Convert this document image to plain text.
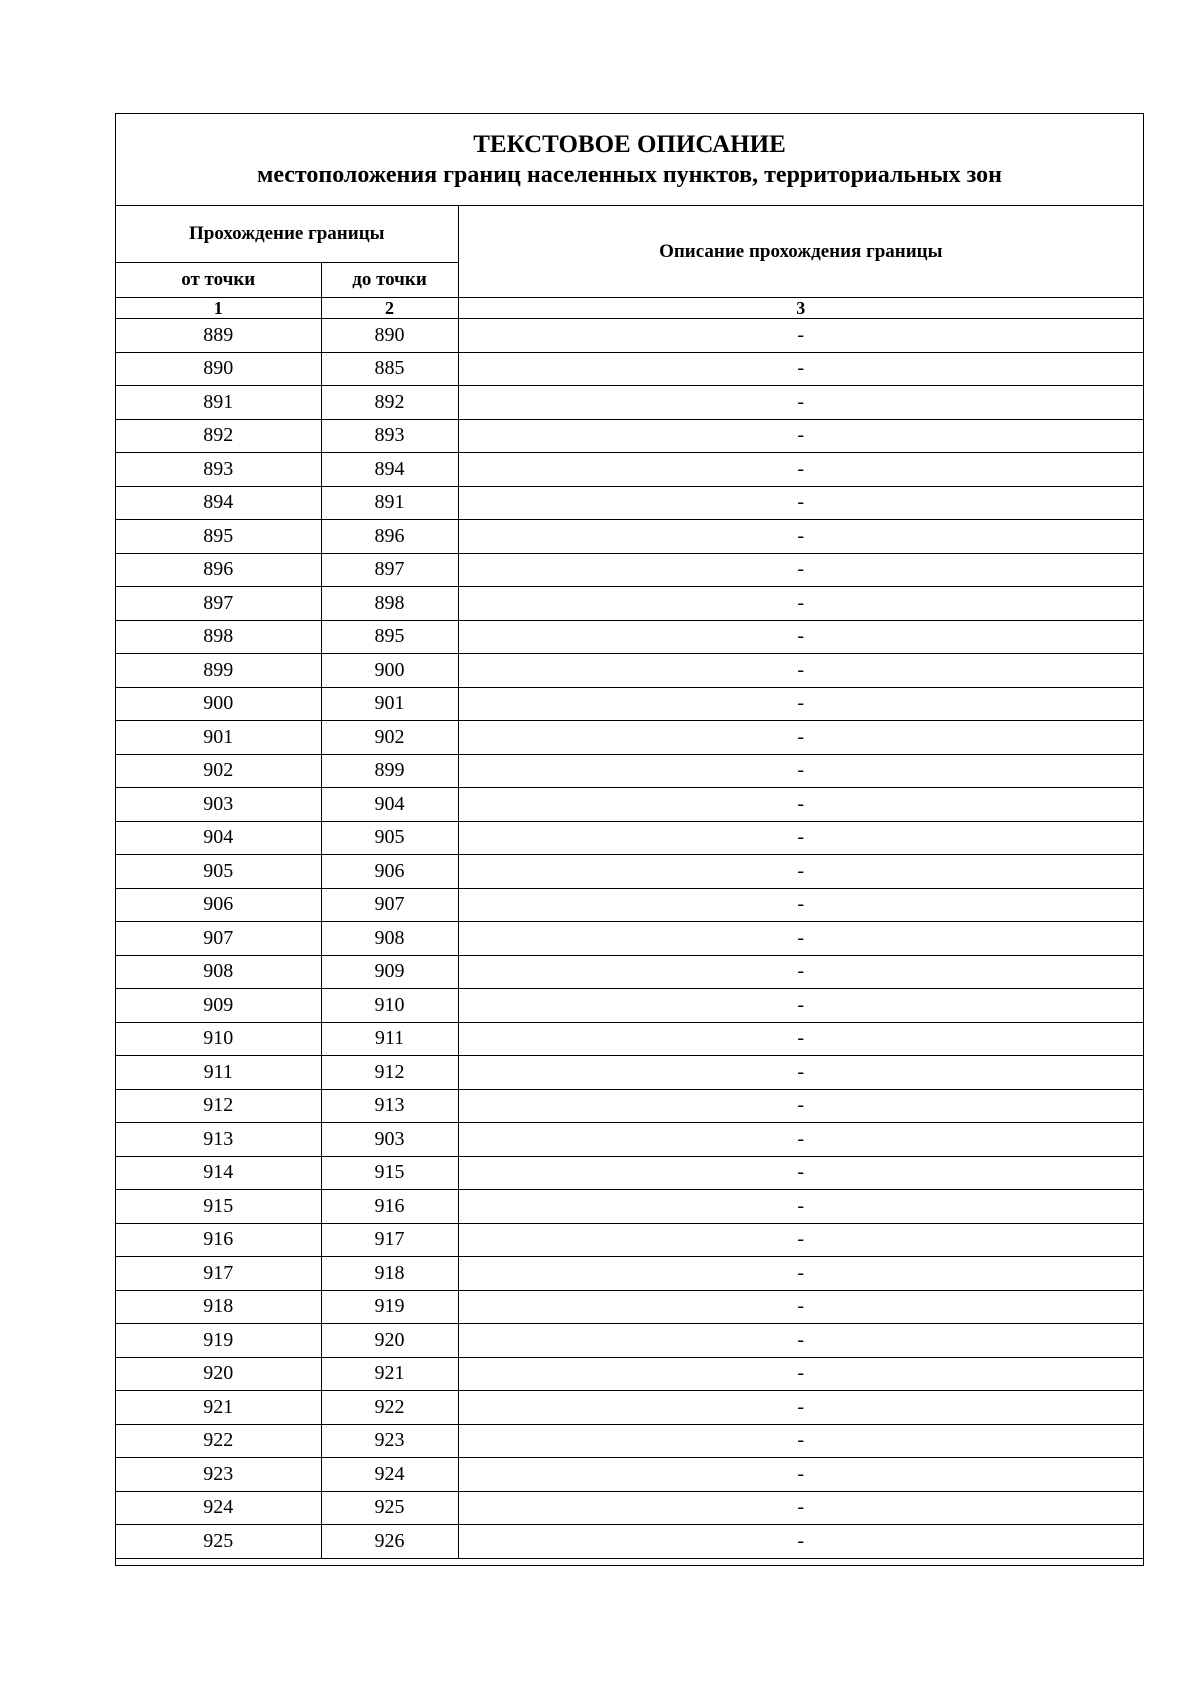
ТЕКСТОВОЕ ОПИСАНИЕ
местоположения границ населенных пунктов, территориальных зон
Прохождение границы		Описание прохождения границы
от точки	до точки	
1	2	3
889	890	-
890	885	-
891	892	-
892	893	-
893	894	-
894	891	-
895	896	-
896	897	-
897	898	-
898	895	-
899	900	-
900	901	-
901	902	-
902	899	-
903	904	-
904	905	-
905	906	-
906	907	-
907	908	-
908	909	-
909	910	-
910	911	-
911	912	-
912	913	-
913	903	-
914	915	-
915	916	-
916	917	-
917	918	-
918	919	-
919	920	-
920	921	-
921	922	-
922	923	-
923	924	-
924	925	-
925	926	-
